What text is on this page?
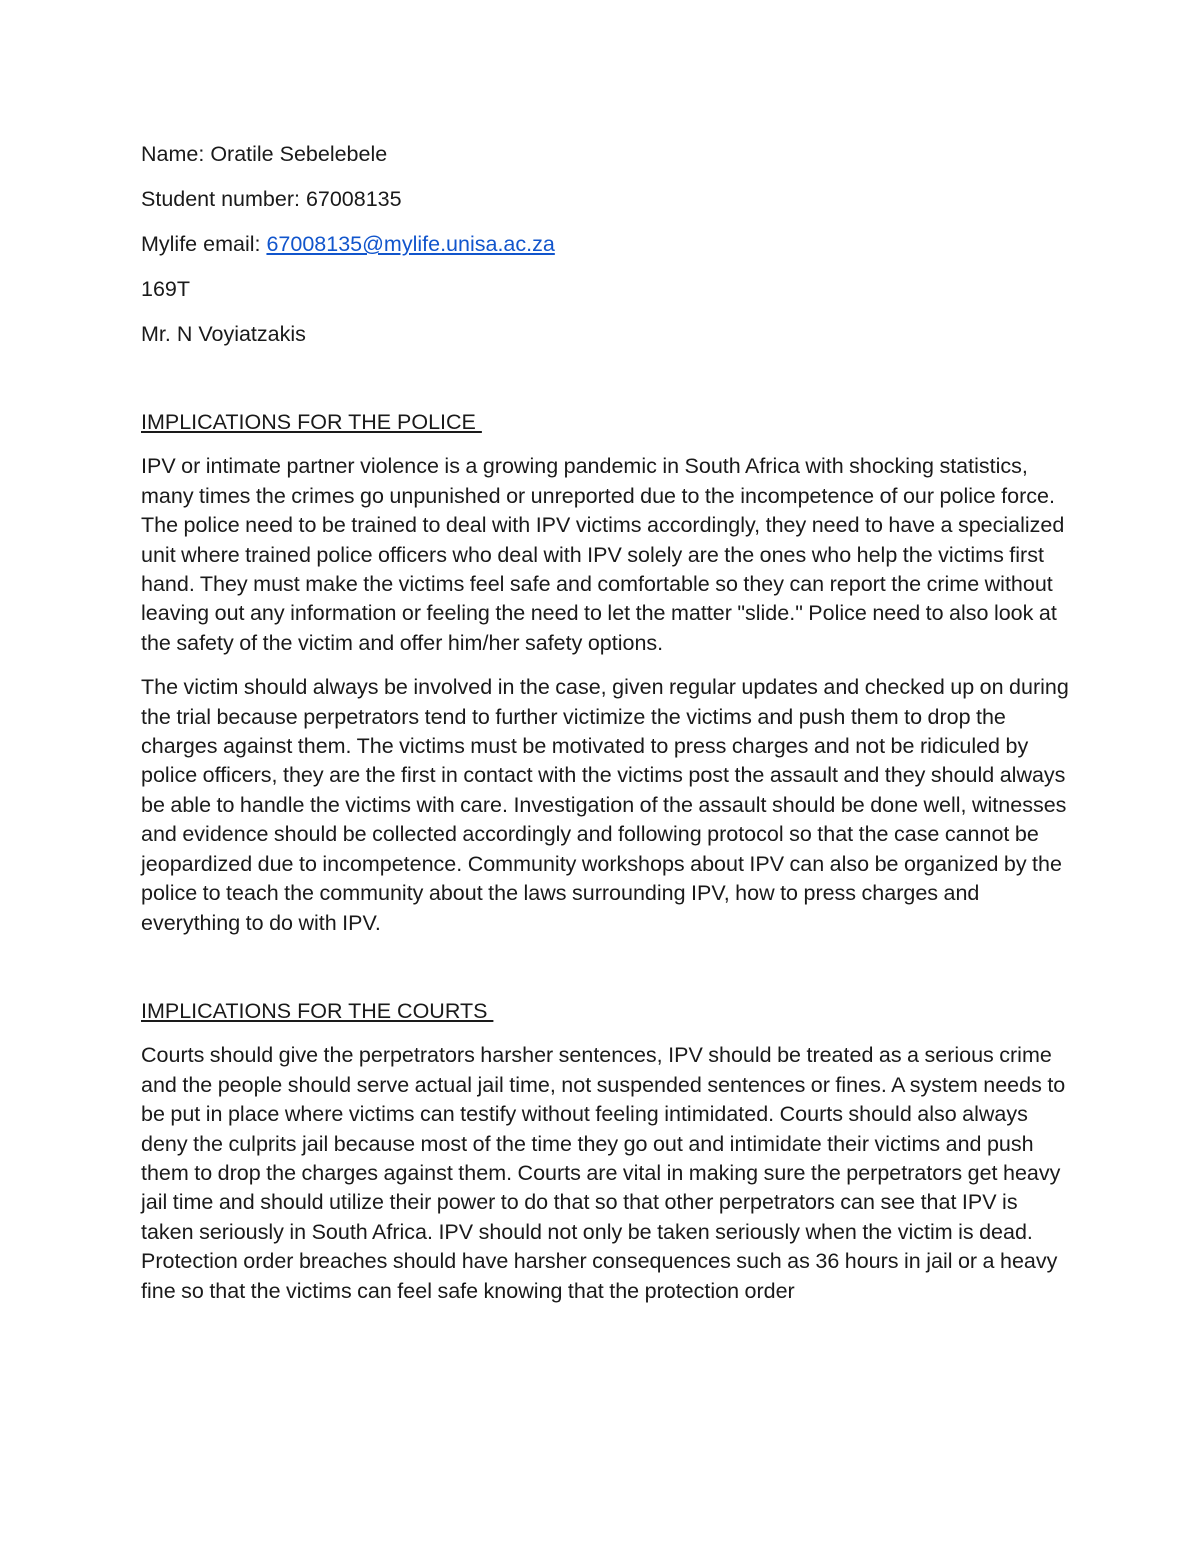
Name: Oratile Sebelebele
Student number: 67008135
Mylife email: 67008135@mylife.unisa.ac.za
169T
Mr. N Voyiatzakis
IMPLICATIONS FOR THE POLICE

IPV or intimate partner violence is a growing pandemic in South Africa with shocking statistics, many times the crimes go unpunished or unreported due to the incompetence of our police force. The police need to be trained to deal with IPV victims accordingly, they need to have a specialized unit where trained police officers who deal with IPV solely are the ones who help the victims first hand. They must make the victims feel safe and comfortable so they can report the crime without leaving out any information or feeling the need to let the matter "slide." Police need to also look at the safety of the victim and offer him/her safety options.

The victim should always be involved in the case, given regular updates and checked up on during the trial because perpetrators tend to further victimize the victims and push them to drop the charges against them. The victims must be motivated to press charges and not be ridiculed by police officers, they are the first in contact with the victims post the assault and they should always be able to handle the victims with care. Investigation of the assault should be done well, witnesses and evidence should be collected accordingly and following protocol so that the case cannot be jeopardized due to incompetence. Community workshops about IPV can also be organized by the police to teach the community about the laws surrounding IPV, how to press charges and everything to do with IPV.

IMPLICATIONS FOR THE COURTS

Courts should give the perpetrators harsher sentences, IPV should be treated as a serious crime and the people should serve actual jail time, not suspended sentences or fines. A system needs to be put in place where victims can testify without feeling intimidated. Courts should also always deny the culprits jail because most of the time they go out and intimidate their victims and push them to drop the charges against them. Courts are vital in making sure the perpetrators get heavy jail time and should utilize their power to do that so that other perpetrators can see that IPV is taken seriously in South Africa. IPV should not only be taken seriously when the victim is dead. Protection order breaches should have harsher consequences such as 36 hours in jail or a heavy fine so that the victims can feel safe knowing that the protection order
